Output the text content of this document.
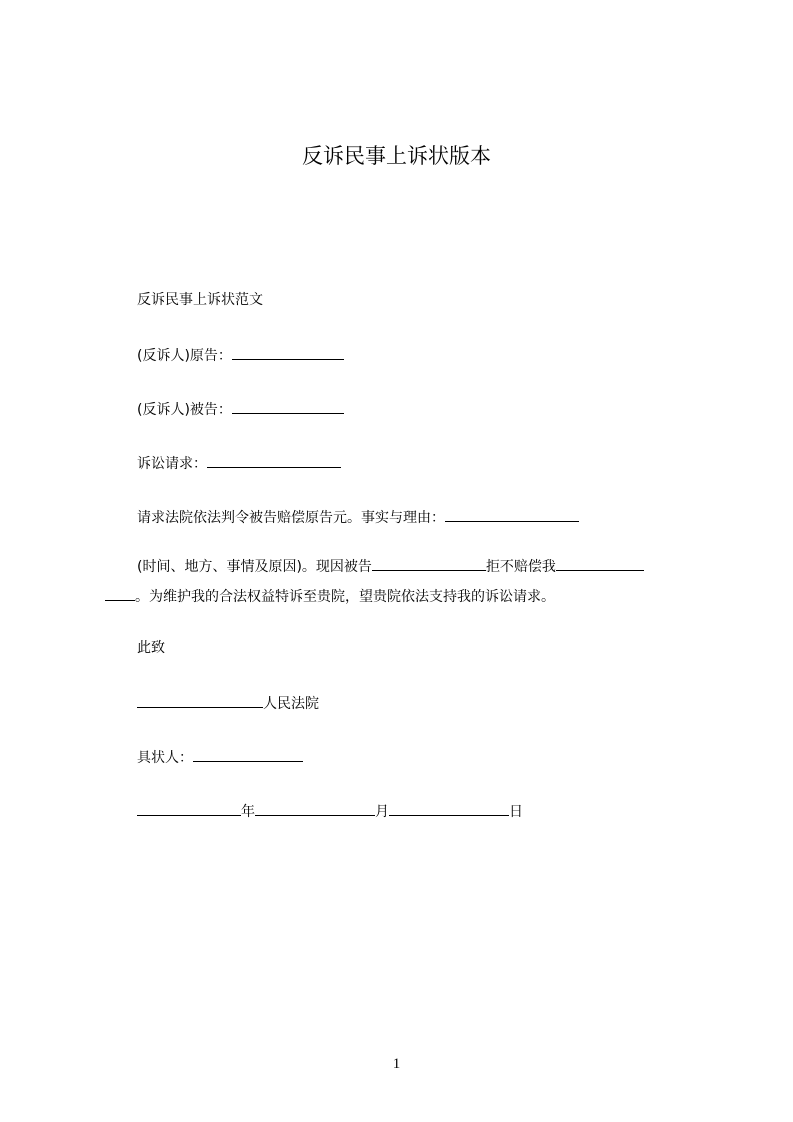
反诉民事上诉状版本
反诉民事上诉状范文
(反诉人)原告：
(反诉人)被告：
诉讼请求：
请求法院依法判令被告赔偿原告元。事实与理由：
(时间、地方、事情及原因)。现因被告	拒不赔偿我
。为维护我的合法权益特诉至贵院，望贵院依法支持我的诉讼请求。
此致
人民法院
具状人：
年	月	日
1
